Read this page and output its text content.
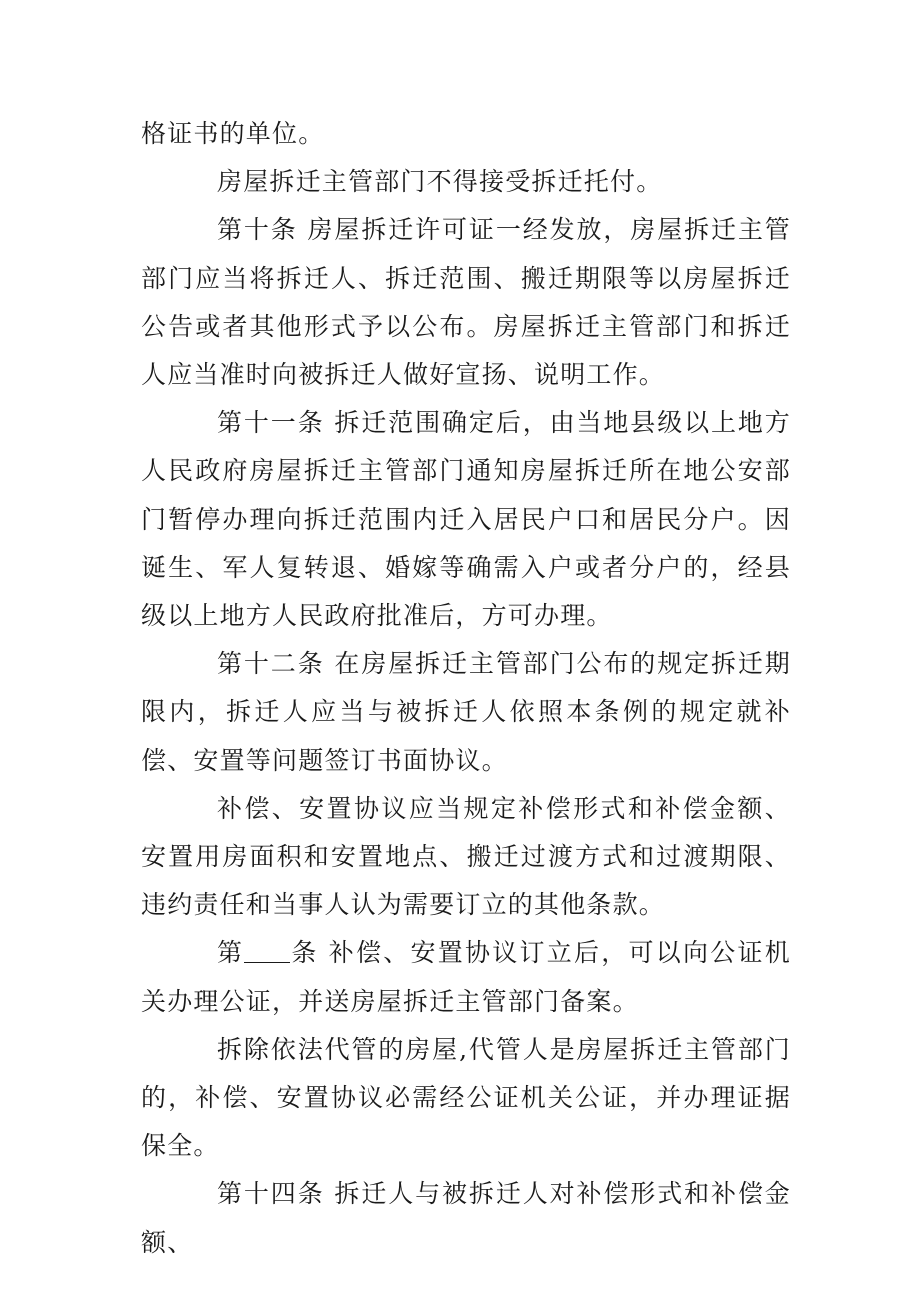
格证书的单位。

房屋拆迁主管部门不得接受拆迁托付。

第十条 房屋拆迁许可证一经发放，房屋拆迁主管部门应当将拆迁人、拆迁范围、搬迁期限等以房屋拆迁公告或者其他形式予以公布。房屋拆迁主管部门和拆迁人应当准时向被拆迁人做好宣扬、说明工作。

第十一条 拆迁范围确定后，由当地县级以上地方人民政府房屋拆迁主管部门通知房屋拆迁所在地公安部门暂停办理向拆迁范围内迁入居民户口和居民分户。因诞生、军人复转退、婚嫁等确需入户或者分户的，经县级以上地方人民政府批准后，方可办理。

第十二条 在房屋拆迁主管部门公布的规定拆迁期限内，拆迁人应当与被拆迁人依照本条例的规定就补偿、安置等问题签订书面协议。

补偿、安置协议应当规定补偿形式和补偿金额、安置用房面积和安置地点、搬迁过渡方式和过渡期限、违约责任和当事人认为需要订立的其他条款。

第 条 补偿、安置协议订立后，可以向公证机关办理公证，并送房屋拆迁主管部门备案。

拆除依法代管的房屋,代管人是房屋拆迁主管部门的，补偿、安置协议必需经公证机关公证，并办理证据保全。

第十四条 拆迁人与被拆迁人对补偿形式和补偿金额、
